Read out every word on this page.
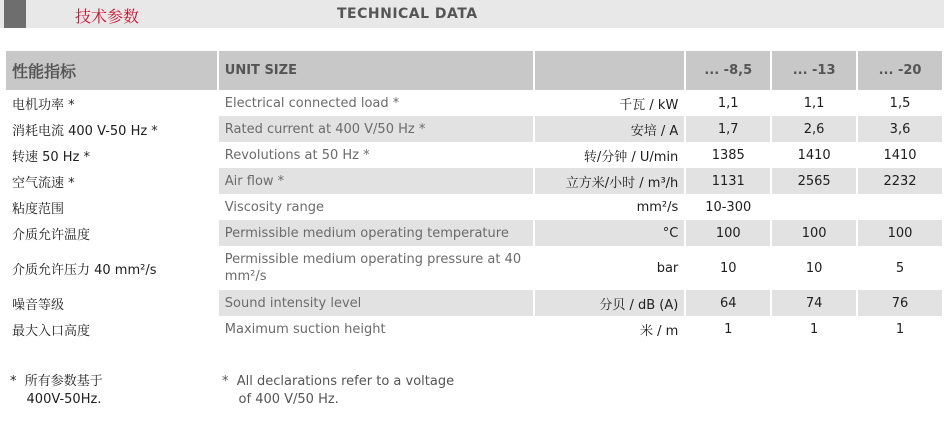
技术参数	TECHNICAL DATA
性能指标	UNIT SIZE		... -8,5	... -13	... -20
电机功率 *	Electrical connected load *	千瓦 / kW	1,1	1,1	1,5
消耗电流 400 V-50 Hz *	Rated current at 400 V/50 Hz *	安培 / A	1,7	2,6	3,6
转速 50 Hz *	Revolutions at 50 Hz *	转/分钟 / U/min	1385	1410	1410
空气流速 *	Air flow *	立方米/小时 / m³/h	1131	2565	2232
粘度范围	Viscosity range	mm²/s	10-300		
介质允许温度	Permissible medium operating temperature	°C	100	100	100
介质允许压力 40 mm²/s	Permissible medium operating pressure at 40 mm²/s	bar	10	10	5
噪音等级	Sound intensity level	分贝 / dB (A)	64	74	76
最大入口高度	Maximum suction height	米 / m	1	1	1
*  所有参数基于
400V-50Hz.
*  All declarations refer to a voltage
of 400 V/50 Hz.
